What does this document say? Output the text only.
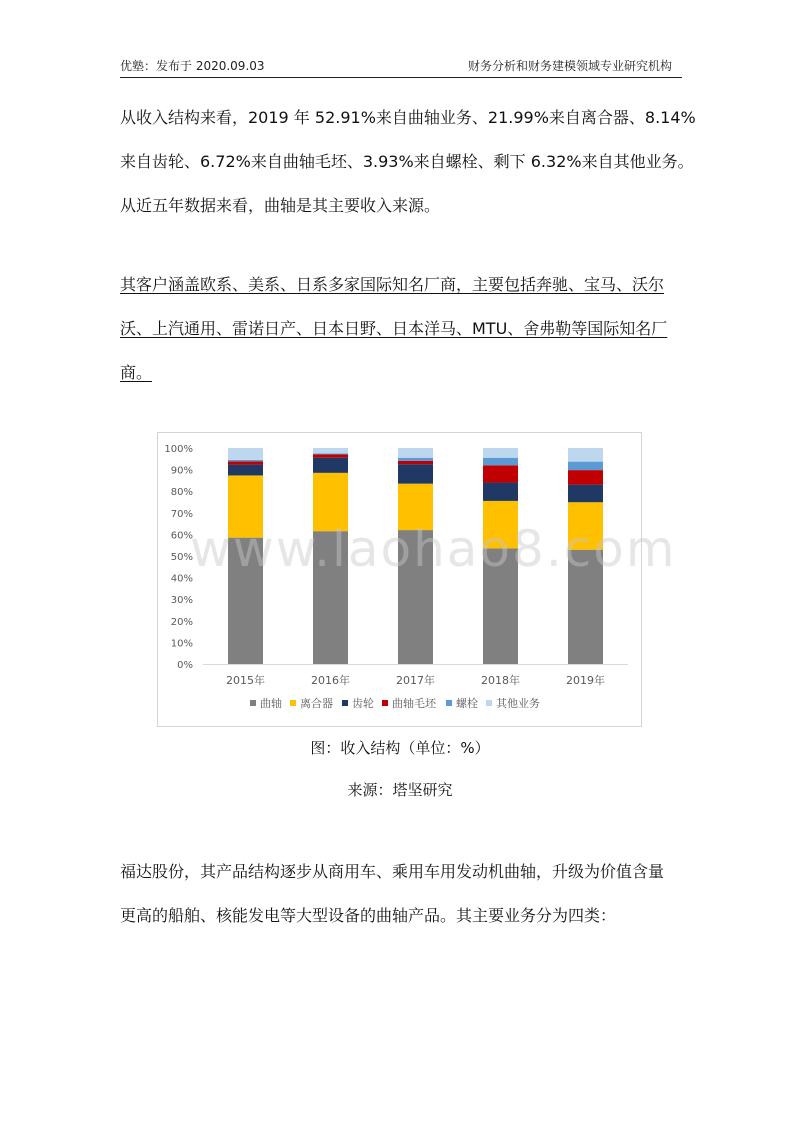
优塾：发布于 2020.09.03	财务分析和财务建模领域专业研究机构
从收入结构来看，2019 年 52.91%来自曲轴业务、21.99%来自离合器、8.14%
来自齿轮、6.72%来自曲轴毛坯、3.93%来自螺栓、剩下 6.32%来自其他业务。
从近五年数据来看，曲轴是其主要收入来源。
其客户涵盖欧系、美系、日系多家国际知名厂商，主要包括奔驰、宝马、沃尔
沃、上汽通用、雷诺日产、日本日野、日本洋马、MTU、舍弗勒等国际知名厂
商。
0%
10%
20%
30%
40%
50%
60%
70%
80%
90%
100%
2015年	2016年	2017年	2018年	2019年
曲轴 离合器 齿轮 曲轴毛坯 螺栓 其他业务
www.laohao8.com
图：收入结构（单位：%）
来源：塔坚研究
福达股份，其产品结构逐步从商用车、乘用车用发动机曲轴，升级为价值含量
更高的船舶、核能发电等大型设备的曲轴产品。其主要业务分为四类：
